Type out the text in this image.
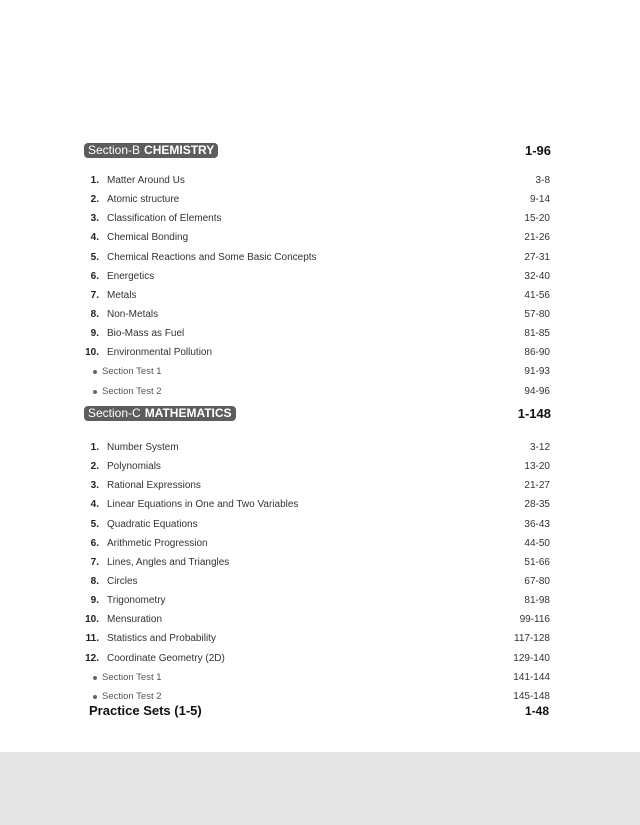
Section-B CHEMISTRY	1-96
1. Matter Around Us	3-8
2. Atomic structure	9-14
3. Classification of Elements	15-20
4. Chemical Bonding	21-26
5. Chemical Reactions and Some Basic Concepts	27-31
6. Energetics	32-40
7. Metals	41-56
8. Non-Metals	57-80
9. Bio-Mass as Fuel	81-85
10. Environmental Pollution	86-90
Section Test 1	91-93
Section Test 2	94-96
Section-C MATHEMATICS	1-148
1. Number System	3-12
2. Polynomials	13-20
3. Rational Expressions	21-27
4. Linear Equations in One and Two Variables	28-35
5. Quadratic Equations	36-43
6. Arithmetic Progression	44-50
7. Lines, Angles and Triangles	51-66
8. Circles	67-80
9. Trigonometry	81-98
10. Mensuration	99-116
11. Statistics and Probability	117-128
12. Coordinate Geometry (2D)	129-140
Section Test 1	141-144
Section Test 2	145-148
Practice Sets (1-5)	1-48
